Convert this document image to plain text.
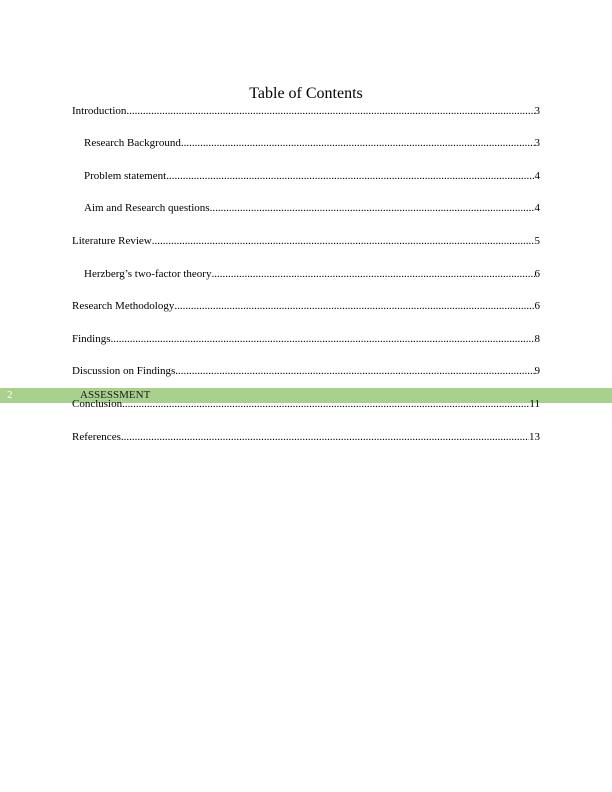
Table of Contents
Introduction .....	3
Research Background .....	3
Problem statement .....	4
Aim and Research questions .....	4
Literature Review .....	5
Herzberg’s two-factor theory .....	6
Research Methodology .....	6
Findings .....	8
Discussion on Findings .....	9
2	ASSESSMENT
Conclusion .....	11
References .....	13
